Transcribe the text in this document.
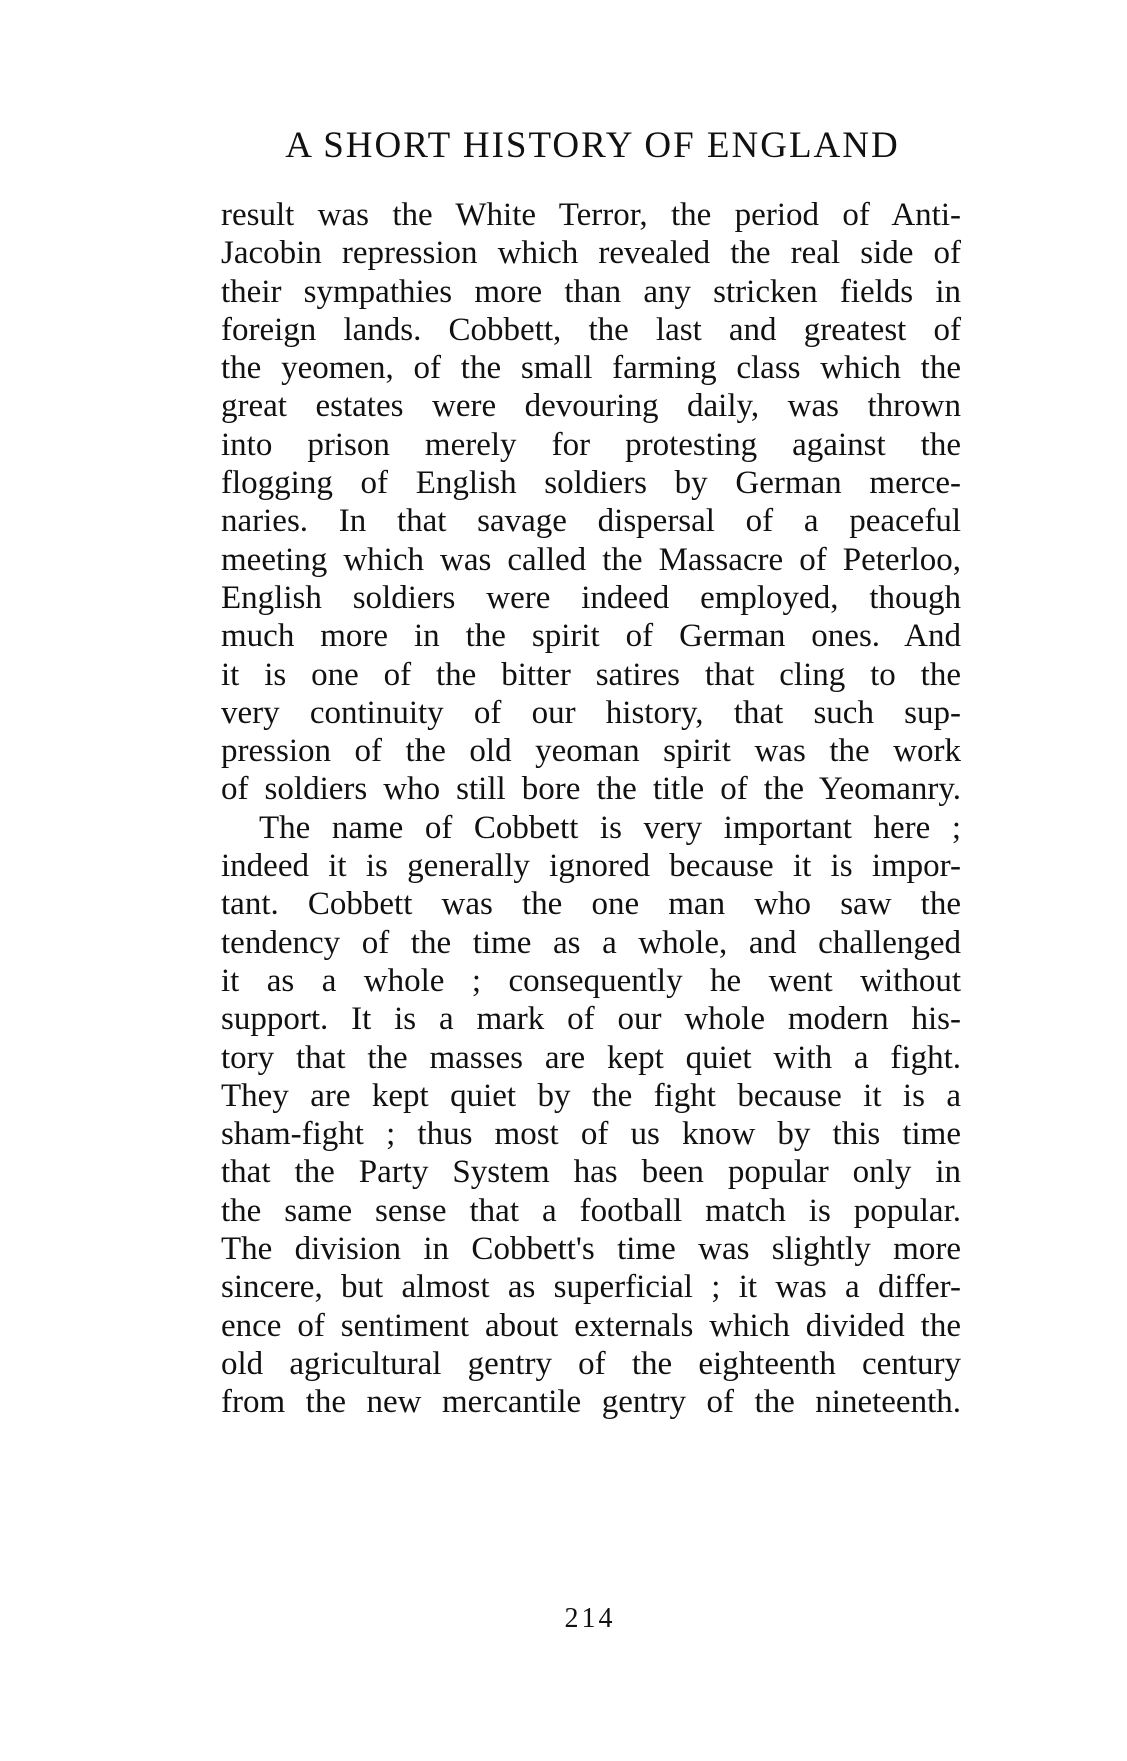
A SHORT HISTORY OF ENGLAND
result was the White Terror, the period of Anti-
Jacobin repression which revealed the real side of
their sympathies more than any stricken fields in
foreign lands. Cobbett, the last and greatest of
the yeomen, of the small farming class which the
great estates were devouring daily, was thrown
into prison merely for protesting against the
flogging of English soldiers by German merce-
naries. In that savage dispersal of a peaceful
meeting which was called the Massacre of Peterloo,
English soldiers were indeed employed, though
much more in the spirit of German ones. And
it is one of the bitter satires that cling to the
very continuity of our history, that such sup-
pression of the old yeoman spirit was the work
of soldiers who still bore the title of the Yeomanry.
The name of Cobbett is very important here ;
indeed it is generally ignored because it is impor-
tant. Cobbett was the one man who saw the
tendency of the time as a whole, and challenged
it as a whole ; consequently he went without
support. It is a mark of our whole modern his-
tory that the masses are kept quiet with a fight.
They are kept quiet by the fight because it is a
sham-fight ; thus most of us know by this time
that the Party System has been popular only in
the same sense that a football match is popular.
The division in Cobbett's time was slightly more
sincere, but almost as superficial ; it was a differ-
ence of sentiment about externals which divided the
old agricultural gentry of the eighteenth century
from the new mercantile gentry of the nineteenth.
214
